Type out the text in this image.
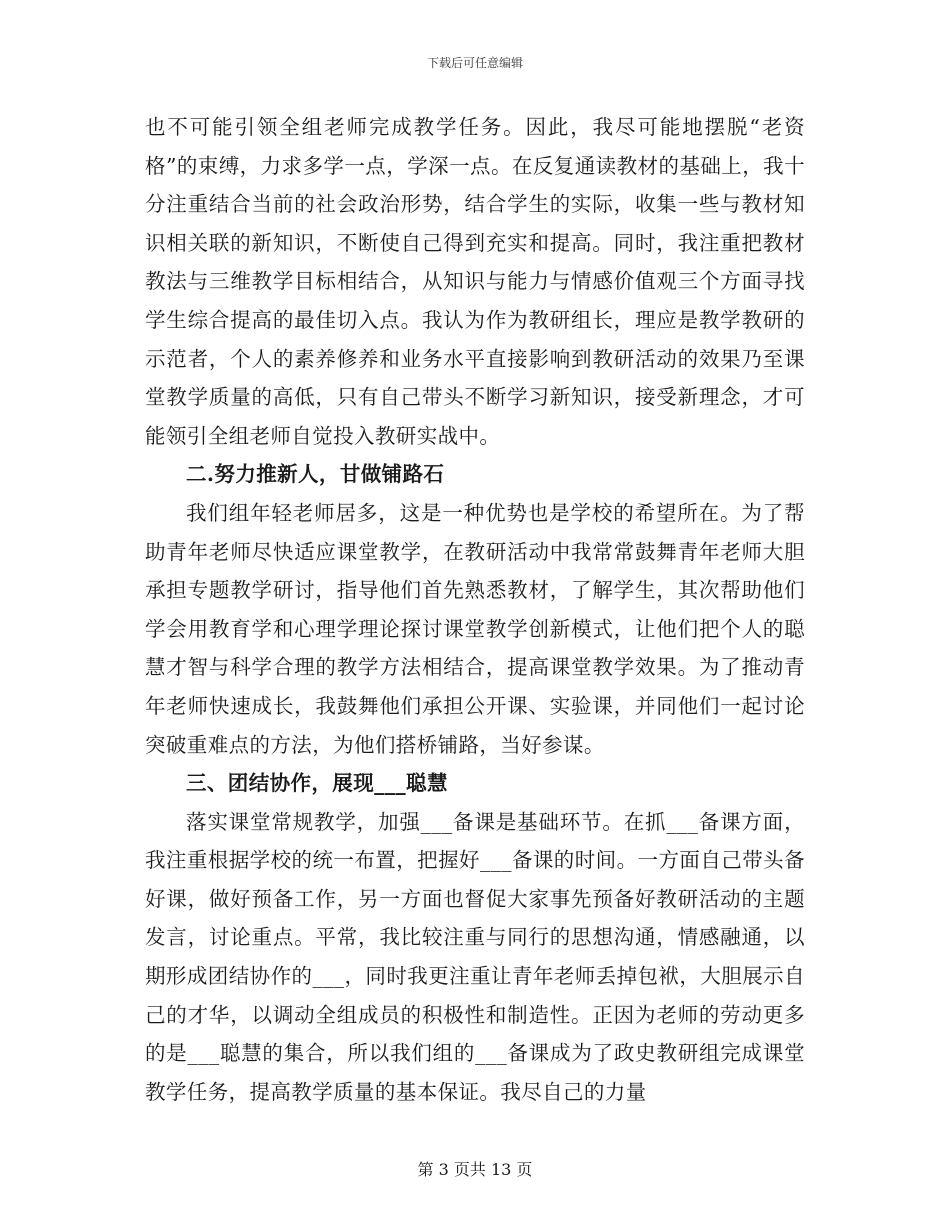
下载后可任意编辑

也不可能引领全组老师完成教学任务。因此，我尽可能地摆脱“老资格”的束缚，力求多学一点，学深一点。在反复通读教材的基础上，我十分注重结合当前的社会政治形势，结合学生的实际，收集一些与教材知识相关联的新知识，不断使自己得到充实和提高。同时，我注重把教材教法与三维教学目标相结合，从知识与能力与情感价值观三个方面寻找学生综合提高的最佳切入点。我认为作为教研组长，理应是教学教研的示范者，个人的素养修养和业务水平直接影响到教研活动的效果乃至课堂教学质量的高低，只有自己带头不断学习新知识，接受新理念，才可能领引全组老师自觉投入教研实战中。

二.努力推新人，甘做铺路石

我们组年轻老师居多，这是一种优势也是学校的希望所在。为了帮助青年老师尽快适应课堂教学，在教研活动中我常常鼓舞青年老师大胆承担专题教学研讨，指导他们首先熟悉教材，了解学生，其次帮助他们学会用教育学和心理学理论探讨课堂教学创新模式，让他们把个人的聪慧才智与科学合理的教学方法相结合，提高课堂教学效果。为了推动青年老师快速成长，我鼓舞他们承担公开课、实验课，并同他们一起讨论突破重难点的方法，为他们搭桥铺路，当好参谋。

三、团结协作，展现___聪慧

落实课堂常规教学，加强___备课是基础环节。在抓___备课方面，我注重根据学校的统一布置，把握好___备课的时间。一方面自己带头备好课，做好预备工作，另一方面也督促大家事先预备好教研活动的主题发言，讨论重点。平常，我比较注重与同行的思想沟通，情感融通，以期形成团结协作的___，同时我更注重让青年老师丢掉包袱，大胆展示自己的才华，以调动全组成员的积极性和制造性。正因为老师的劳动更多的是___聪慧的集合，所以我们组的___备课成为了政史教研组完成课堂教学任务，提高教学质量的基本保证。我尽自己的力量

第 3 页共 13 页
